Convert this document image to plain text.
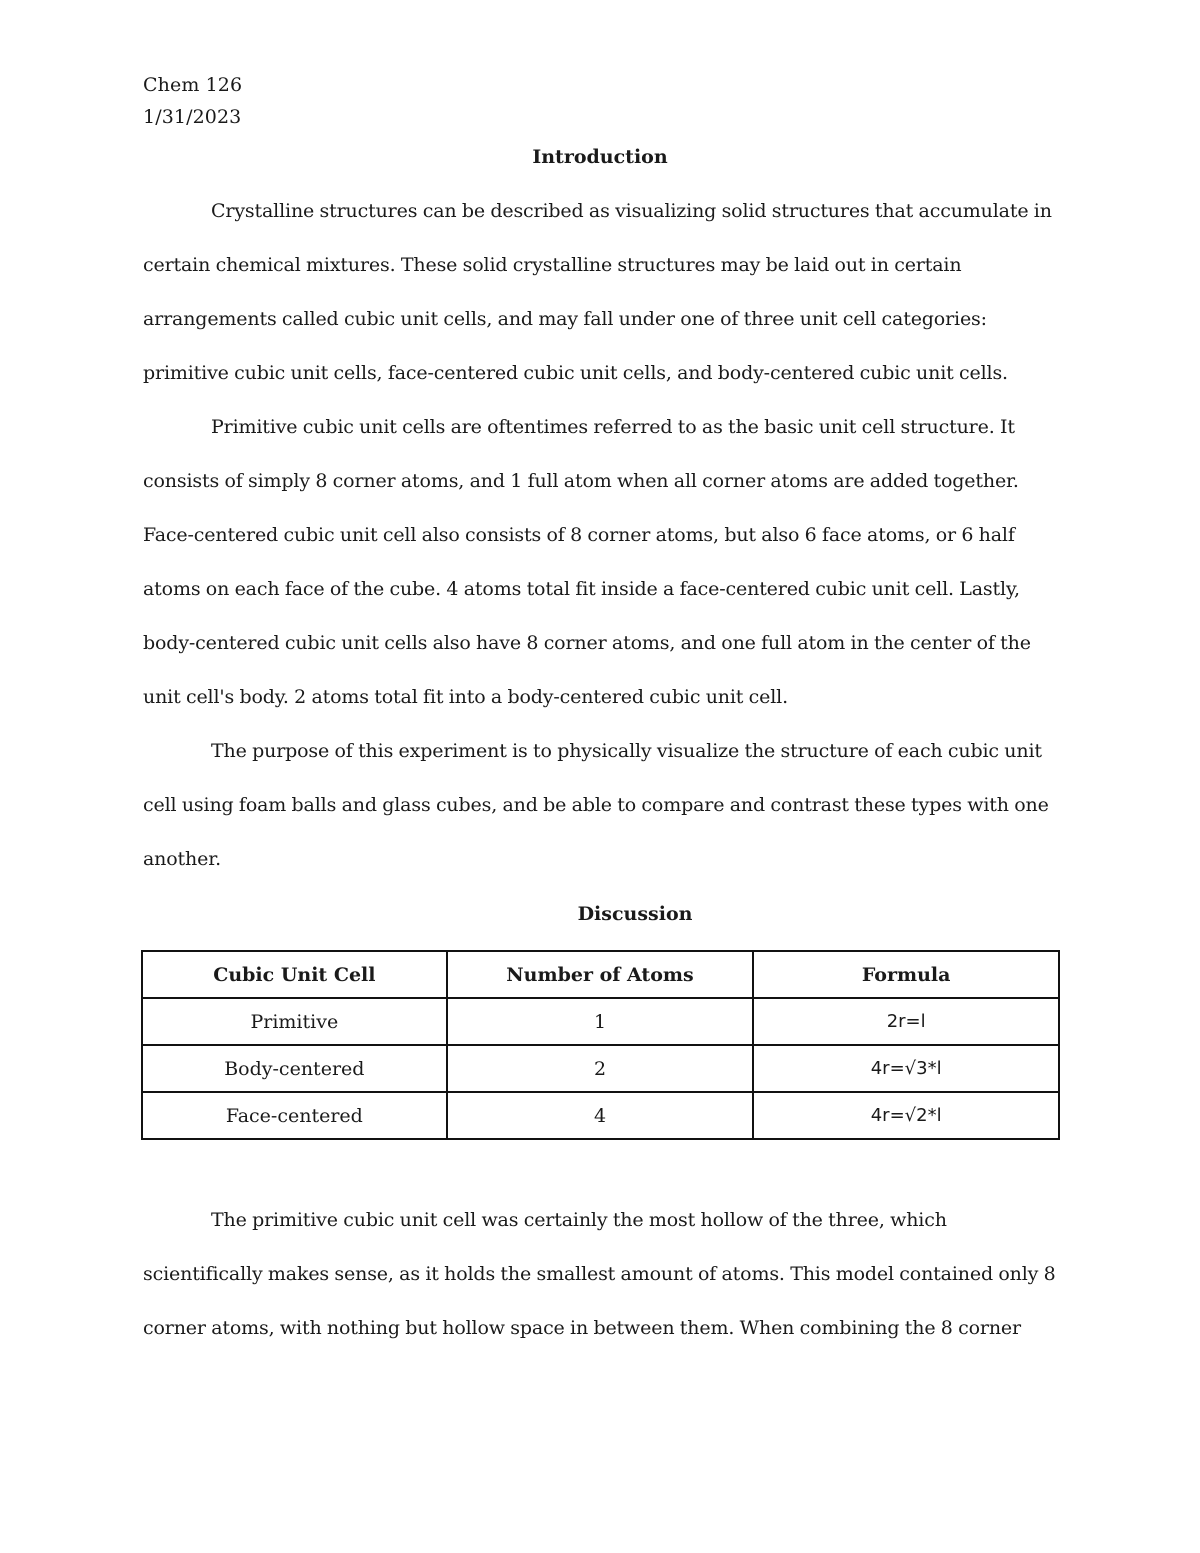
Chem 126
1/31/2023
Introduction

Crystalline structures can be described as visualizing solid structures that accumulate in certain chemical mixtures. These solid crystalline structures may be laid out in certain arrangements called cubic unit cells, and may fall under one of three unit cell categories: primitive cubic unit cells, face-centered cubic unit cells, and body-centered cubic unit cells.

Primitive cubic unit cells are oftentimes referred to as the basic unit cell structure. It consists of simply 8 corner atoms, and 1 full atom when all corner atoms are added together. Face-centered cubic unit cell also consists of 8 corner atoms, but also 6 face atoms, or 6 half atoms on each face of the cube. 4 atoms total fit inside a face-centered cubic unit cell. Lastly, body-centered cubic unit cells also have 8 corner atoms, and one full atom in the center of the unit cell's body. 2 atoms total fit into a body-centered cubic unit cell.

The purpose of this experiment is to physically visualize the structure of each cubic unit cell using foam balls and glass cubes, and be able to compare and contrast these types with one another.

Discussion
Cubic Unit Cell	Number of Atoms	Formula
Primitive	1	2r=l
Body-centered	2	4r=√3*l
Face-centered	4	4r=√2*l

The primitive cubic unit cell was certainly the most hollow of the three, which scientifically makes sense, as it holds the smallest amount of atoms. This model contained only 8 corner atoms, with nothing but hollow space in between them. When combining the 8 corner
